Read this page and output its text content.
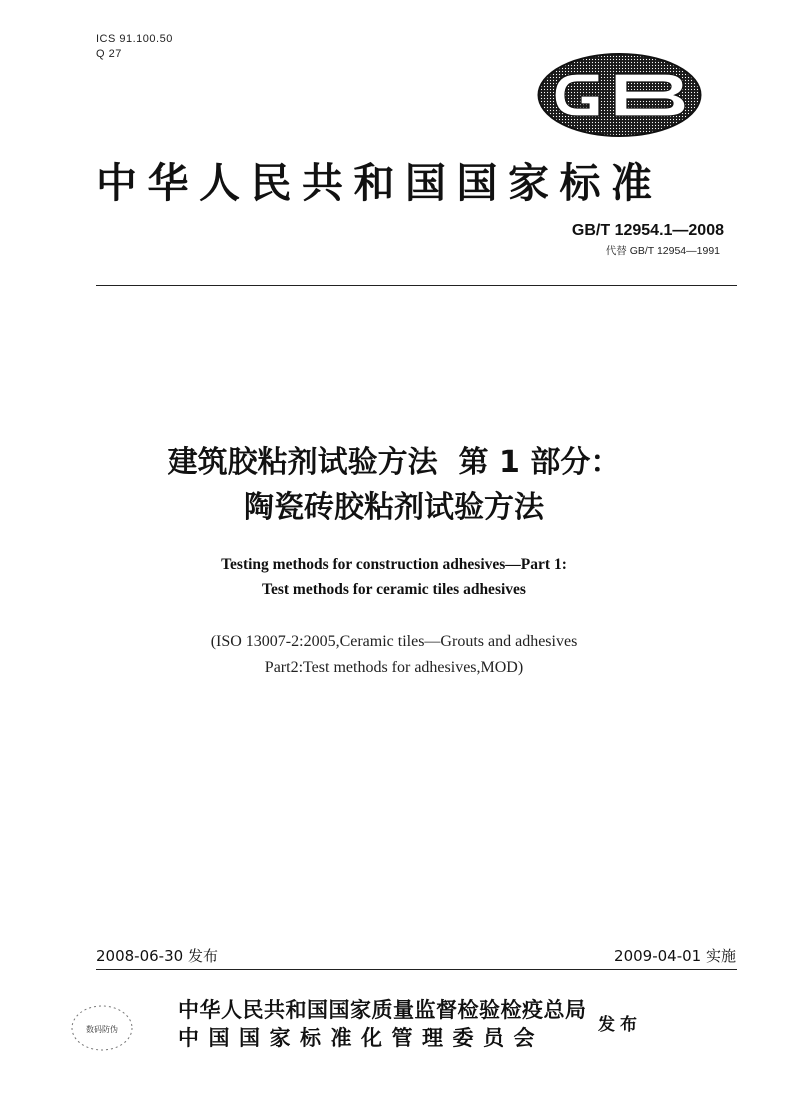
ICS 91.100.50
Q 27
中华人民共和国国家标准
GB/T 12954.1—2008
代替 GB/T 12954—1991
建筑胶粘剂试验方法  第 1 部分：
陶瓷砖胶粘剂试验方法
Testing methods for construction adhesives—Part 1:
Test methods for ceramic tiles adhesives
(ISO 13007-2:2005,Ceramic tiles—Grouts and adhesives
Part2:Test methods for adhesives,MOD)
2008-06-30 发布	2009-04-01 实施
数码防伪
中华人民共和国国家质量监督检验检疫总局
中国国家标准化管理委员会
发布
